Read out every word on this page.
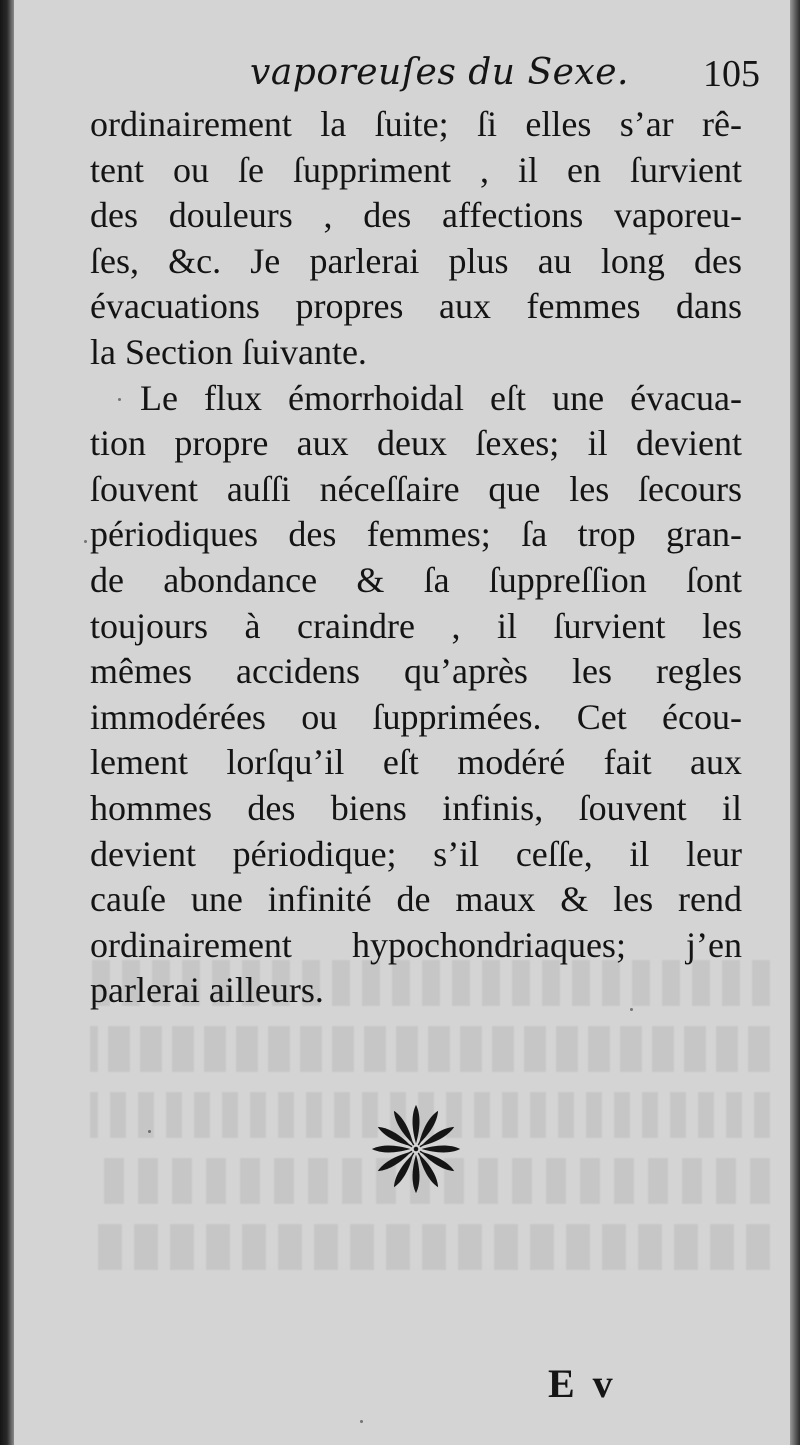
vaporeuſes du Sexe. 105
ordinairement la ſuite; ſi elles s’ar rê-
tent ou ſe ſuppriment , il en ſurvient
des douleurs , des affections vaporeu-
ſes, &c. Je parlerai plus au long des
évacuations propres aux femmes dans
la Section ſuivante.
Le flux émorrhoidal eſt une évacua-
tion propre aux deux ſexes; il devient
ſouvent auſſi néceſſaire que les ſecours
périodiques des femmes; ſa trop gran-
de abondance & ſa ſuppreſſion ſont
toujours à craindre , il ſurvient les
mêmes accidens qu’après les regles
immodérées ou ſupprimées. Cet écou-
lement lorſqu’il eſt modéré fait aux
hommes des biens infinis, ſouvent il
devient périodique; s’il ceſſe, il leur
cauſe une infinité de maux & les rend
ordinairement hypochondriaques; j’en
parlerai ailleurs.
E v
